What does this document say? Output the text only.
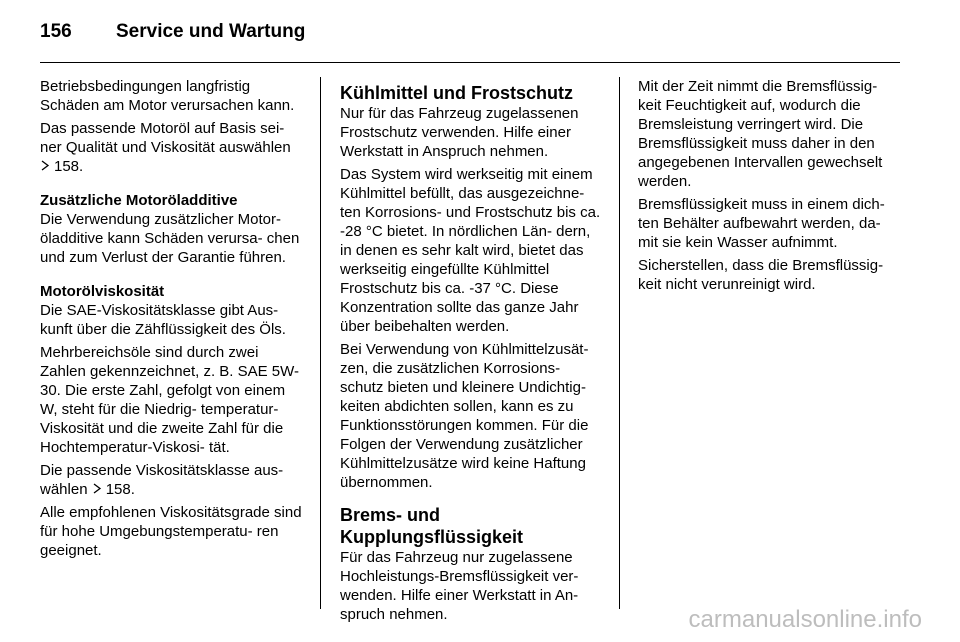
156 Service und Wartung

Betriebsbedingungen langfristig Schäden am Motor verursachen kann.

Das passende Motoröl auf Basis sei- ner Qualität und Viskosität auswählen 158.

Zusätzliche Motoröladditive

Die Verwendung zusätzlicher Motor- öladditive kann Schäden verursa- chen und zum Verlust der Garantie führen.

Motorölviskosität

Die SAE-Viskositätsklasse gibt Aus- kunft über die Zähflüssigkeit des Öls.

Mehrbereichsöle sind durch zwei Zahlen gekennzeichnet, z. B. SAE 5W-30. Die erste Zahl, gefolgt von einem W, steht für die Niedrig- temperatur-Viskosität und die zweite Zahl für die Hochtemperatur-Viskosi- tät.

Die passende Viskositätsklasse aus- wählen 158.

Alle empfohlenen Viskositätsgrade sind für hohe Umgebungstemperatu- ren geeignet.

Kühlmittel und Frostschutz

Nur für das Fahrzeug zugelassenen Frostschutz verwenden. Hilfe einer Werkstatt in Anspruch nehmen.

Das System wird werkseitig mit einem Kühlmittel befüllt, das ausgezeichne- ten Korrosions- und Frostschutz bis ca. -28 °C bietet. In nördlichen Län- dern, in denen es sehr kalt wird, bietet das werkseitig eingefüllte Kühlmittel Frostschutz bis ca. -37 °C. Diese Konzentration sollte das ganze Jahr über beibehalten werden.

Bei Verwendung von Kühlmittelzusät- zen, die zusätzlichen Korrosions- schutz bieten und kleinere Undichtig- keiten abdichten sollen, kann es zu Funktionsstörungen kommen. Für die Folgen der Verwendung zusätzlicher Kühlmittelzusätze wird keine Haftung übernommen.

Brems- und Kupplungsflüssigkeit

Für das Fahrzeug nur zugelassene Hochleistungs-Bremsflüssigkeit ver- wenden. Hilfe einer Werkstatt in An- spruch nehmen.

Mit der Zeit nimmt die Bremsflüssig- keit Feuchtigkeit auf, wodurch die Bremsleistung verringert wird. Die Bremsflüssigkeit muss daher in den angegebenen Intervallen gewechselt werden.

Bremsflüssigkeit muss in einem dich- ten Behälter aufbewahrt werden, da- mit sie kein Wasser aufnimmt.

Sicherstellen, dass die Bremsflüssig- keit nicht verunreinigt wird.

carmanualsonline.info
